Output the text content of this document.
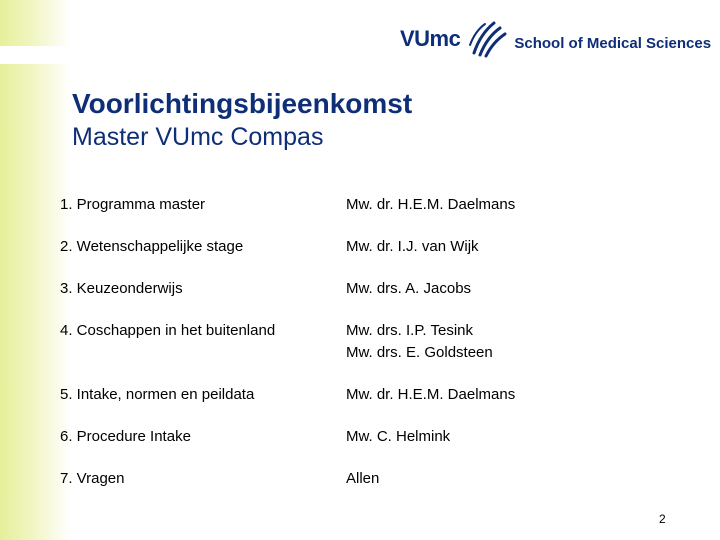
VUmc	School of Medical Sciences
Voorlichtingsbijeenkomst
Master VUmc Compas
1. Programma master	Mw. dr. H.E.M. Daelmans
2. Wetenschappelijke stage	Mw. dr. I.J. van Wijk
3. Keuzeonderwijs	Mw. drs. A. Jacobs
4. Coschappen in het buitenland	Mw. drs. I.P. Tesink
Mw. drs. E. Goldsteen
5. Intake, normen en peildata	Mw. dr. H.E.M. Daelmans
6. Procedure Intake	Mw. C. Helmink
7. Vragen	Allen
2
